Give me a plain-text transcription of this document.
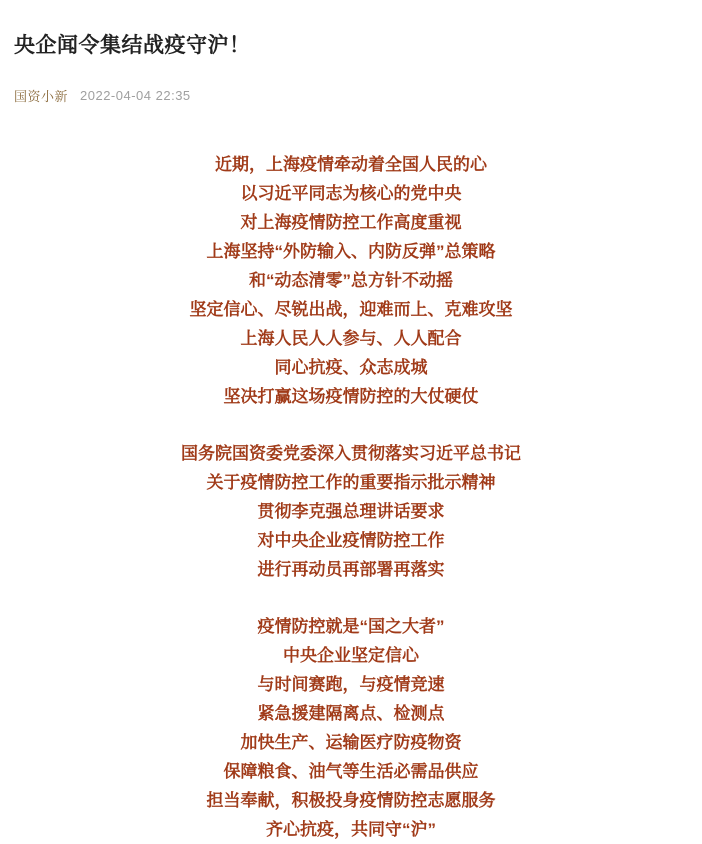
央企闻令集结战疫守沪！
国资小新 2022-04-04 22:35

近期，上海疫情牵动着全国人民的心

以习近平同志为核心的党中央

对上海疫情防控工作高度重视

上海坚持“外防输入、内防反弹”总策略

和“动态清零”总方针不动摇

坚定信心、尽锐出战，迎难而上、克难攻坚

上海人民人人参与、人人配合

同心抗疫、众志成城

坚决打赢这场疫情防控的大仗硬仗

国务院国资委党委深入贯彻落实习近平总书记

关于疫情防控工作的重要指示批示精神

贯彻李克强总理讲话要求

对中央企业疫情防控工作

进行再动员再部署再落实

疫情防控就是“国之大者”

中央企业坚定信心

与时间赛跑，与疫情竞速

紧急援建隔离点、检测点

加快生产、运输医疗防疫物资

保障粮食、油气等生活必需品供应

担当奉献，积极投身疫情防控志愿服务

齐心抗疫，共同守“沪”
